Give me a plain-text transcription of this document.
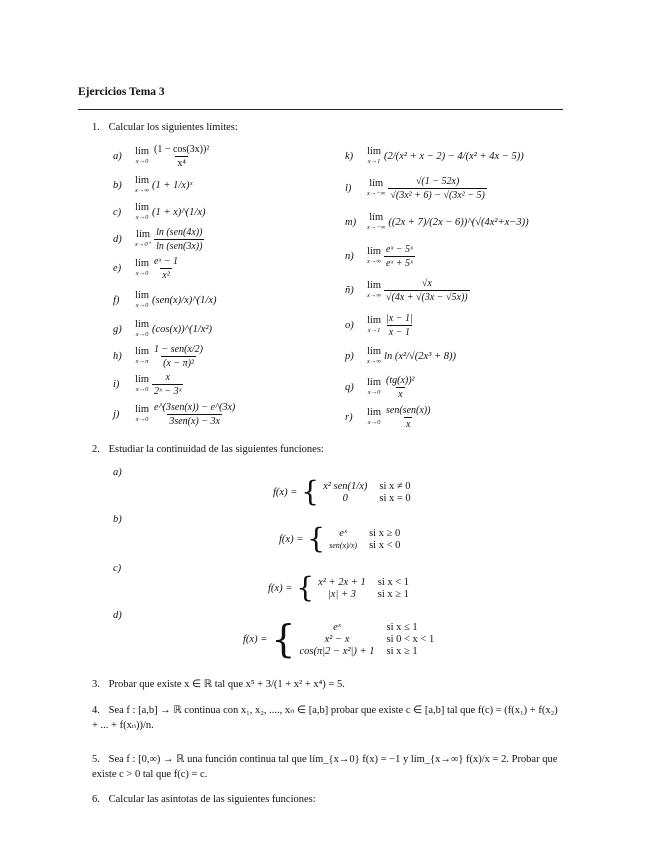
Ejercicios Tema 3
1. Calcular los siguientes límites:
a)	lím
$x\to 0 \frac{\text{(1 − cos(3x))²}}{\text{x⁴}}$
b)	lím
x→∞ (1 + 1/x)ˣ
c)	lím
x→0 (1 + x)^(1/x)
d)	lím
$x\to 0^+ \frac{\text{ln (sen(4x))}}{\text{ln (sen(3x))}}$
e)	lím
$x\to 0 \frac{\text{eˣ − 1}}{\text{x²}}$
f)	lím
x→0 (sen(x)/x)^(1/x)
g)	lím
x→0 (cos(x))^(1/x²)
h)	lím
$x\to\pi \frac{\text{1 − sen(x/2)}}{\text{(x − π)²}}$
i)	lím
$x\to 0 \frac{x}{\text{2ˣ − 3ˣ}}$
j)	lím
$x\to 0 \frac{\text{e\textasciicircum{}(3sen(x)) − e\textasciicircum{}(3x)}}{\text{3sen(x) − 3x}}$
k)	lím
x→1 (2/(x² + x − 2) − 4/(x² + 4x − 5))
l)	lím
$x\to-\infty \frac{√(1 - 52x)}{\text{√(3x² + 6) − √(3x² − 5)}}$
m)	lím
x→−∞ ((2x + 7)/(2x − 6))^(√(4x²+x−3))
n)	lím
$x\to\infty \frac{\text{eˣ − 5ˣ}}{\text{eˣ + 5ˣ}}$
ñ)	lím
$x\to\infty \frac{√x}{√(4x + √(3x - √5x))}$
o)	lím
$x\to 1 \frac{|x - 1|}{x - 1}$
p)	lím
x→∞ ln (x²/√(2x³ + 8))
q)	lím
$x\to 0 \frac{\text{(tg(x))²}}{x}$
r)	lím
$x\to 0 \frac{\text{sen(sen(x))}}{x}$
2. Estudiar la continuidad de las siguientes funciones:
a)
f(x) = { x² sen(1/x) si x ≠ 0
0	si x = 0
b)
f(x) = {	eˣ	si x ≥ 0
sen(x)/x) si x < 0
c)
f(x) = { x² + 2x + 1 si x < 1
|x| + 3	si x ≥ 1
d)
f(x) = {	eˣ	si x ≤ 1
x² − x	si 0 < x < 1
cos(π|2 − x²|) + 1 si x ≥ 1
3. Probar que existe x ∈ ℝ tal que x⁵ + 3/(1 + x² + x⁴) = 5.
4. Sea f : [a,b] → ℝ continua con x₁, x₂, ...., xₙ ∈ [a,b] probar que existe c ∈ [a,b] tal que f(c) = (f(x₁) + f(x₂) + ... + f(xₙ))/n.
5. Sea f : [0,∞) → ℝ una función continua tal que lím_{x→0} f(x) = −1 y lím_{x→∞} f(x)/x = 2. Probar que existe c > 0 tal que f(c) = c.
6. Calcular las asíntotas de las siguientes funciones:
